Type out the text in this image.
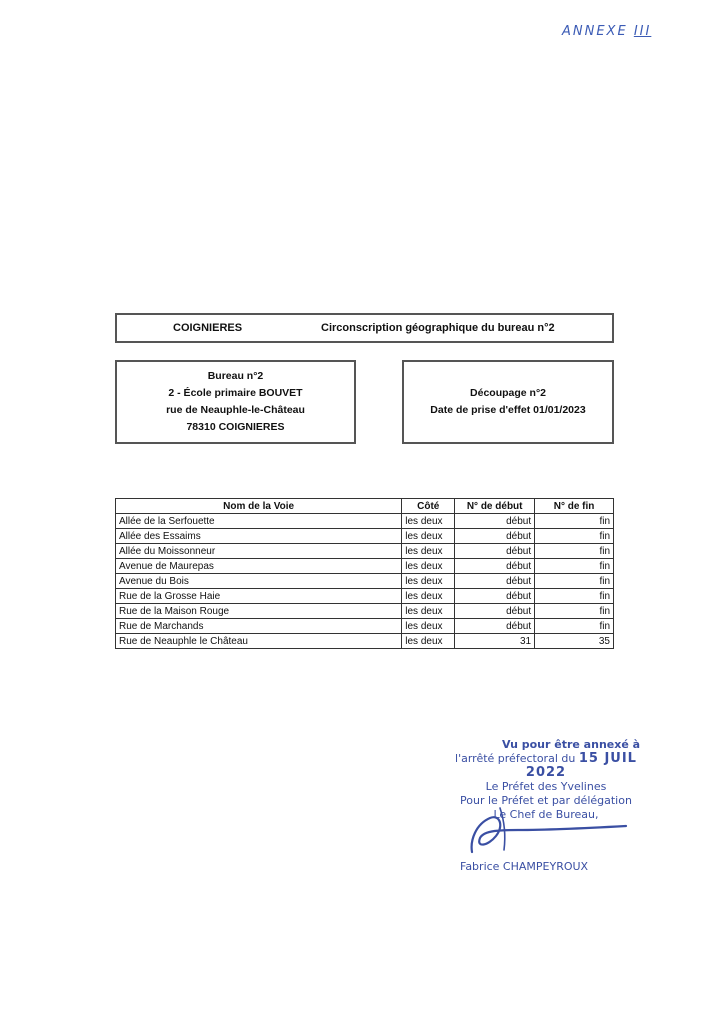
ANNEXE III
COIGNIERES	Circonscription géographique du bureau n°2
Bureau n°2
2 - École primaire BOUVET
rue de Neauphle-le-Château
78310 COIGNIERES
Découpage n°2
Date de prise d'effet 01/01/2023
Nom de la Voie	Côté	N° de début	N° de fin
Allée de la Serfouette	les deux	début	fin
Allée des Essaims	les deux	début	fin
Allée du Moissonneur	les deux	début	fin
Avenue de Maurepas	les deux	début	fin
Avenue du Bois	les deux	début	fin
Rue de la Grosse Haie	les deux	début	fin
Rue de la Maison Rouge	les deux	début	fin
Rue de Marchands	les deux	début	fin
Rue de Neauphle le Château	les deux	31	35
Vu pour être annexé à
l'arrêté préfectoral du 15 JUIL 2022
Le Préfet des Yvelines
Pour le Préfet et par délégation
Le Chef de Bureau,
Fabrice CHAMPEYROUX
